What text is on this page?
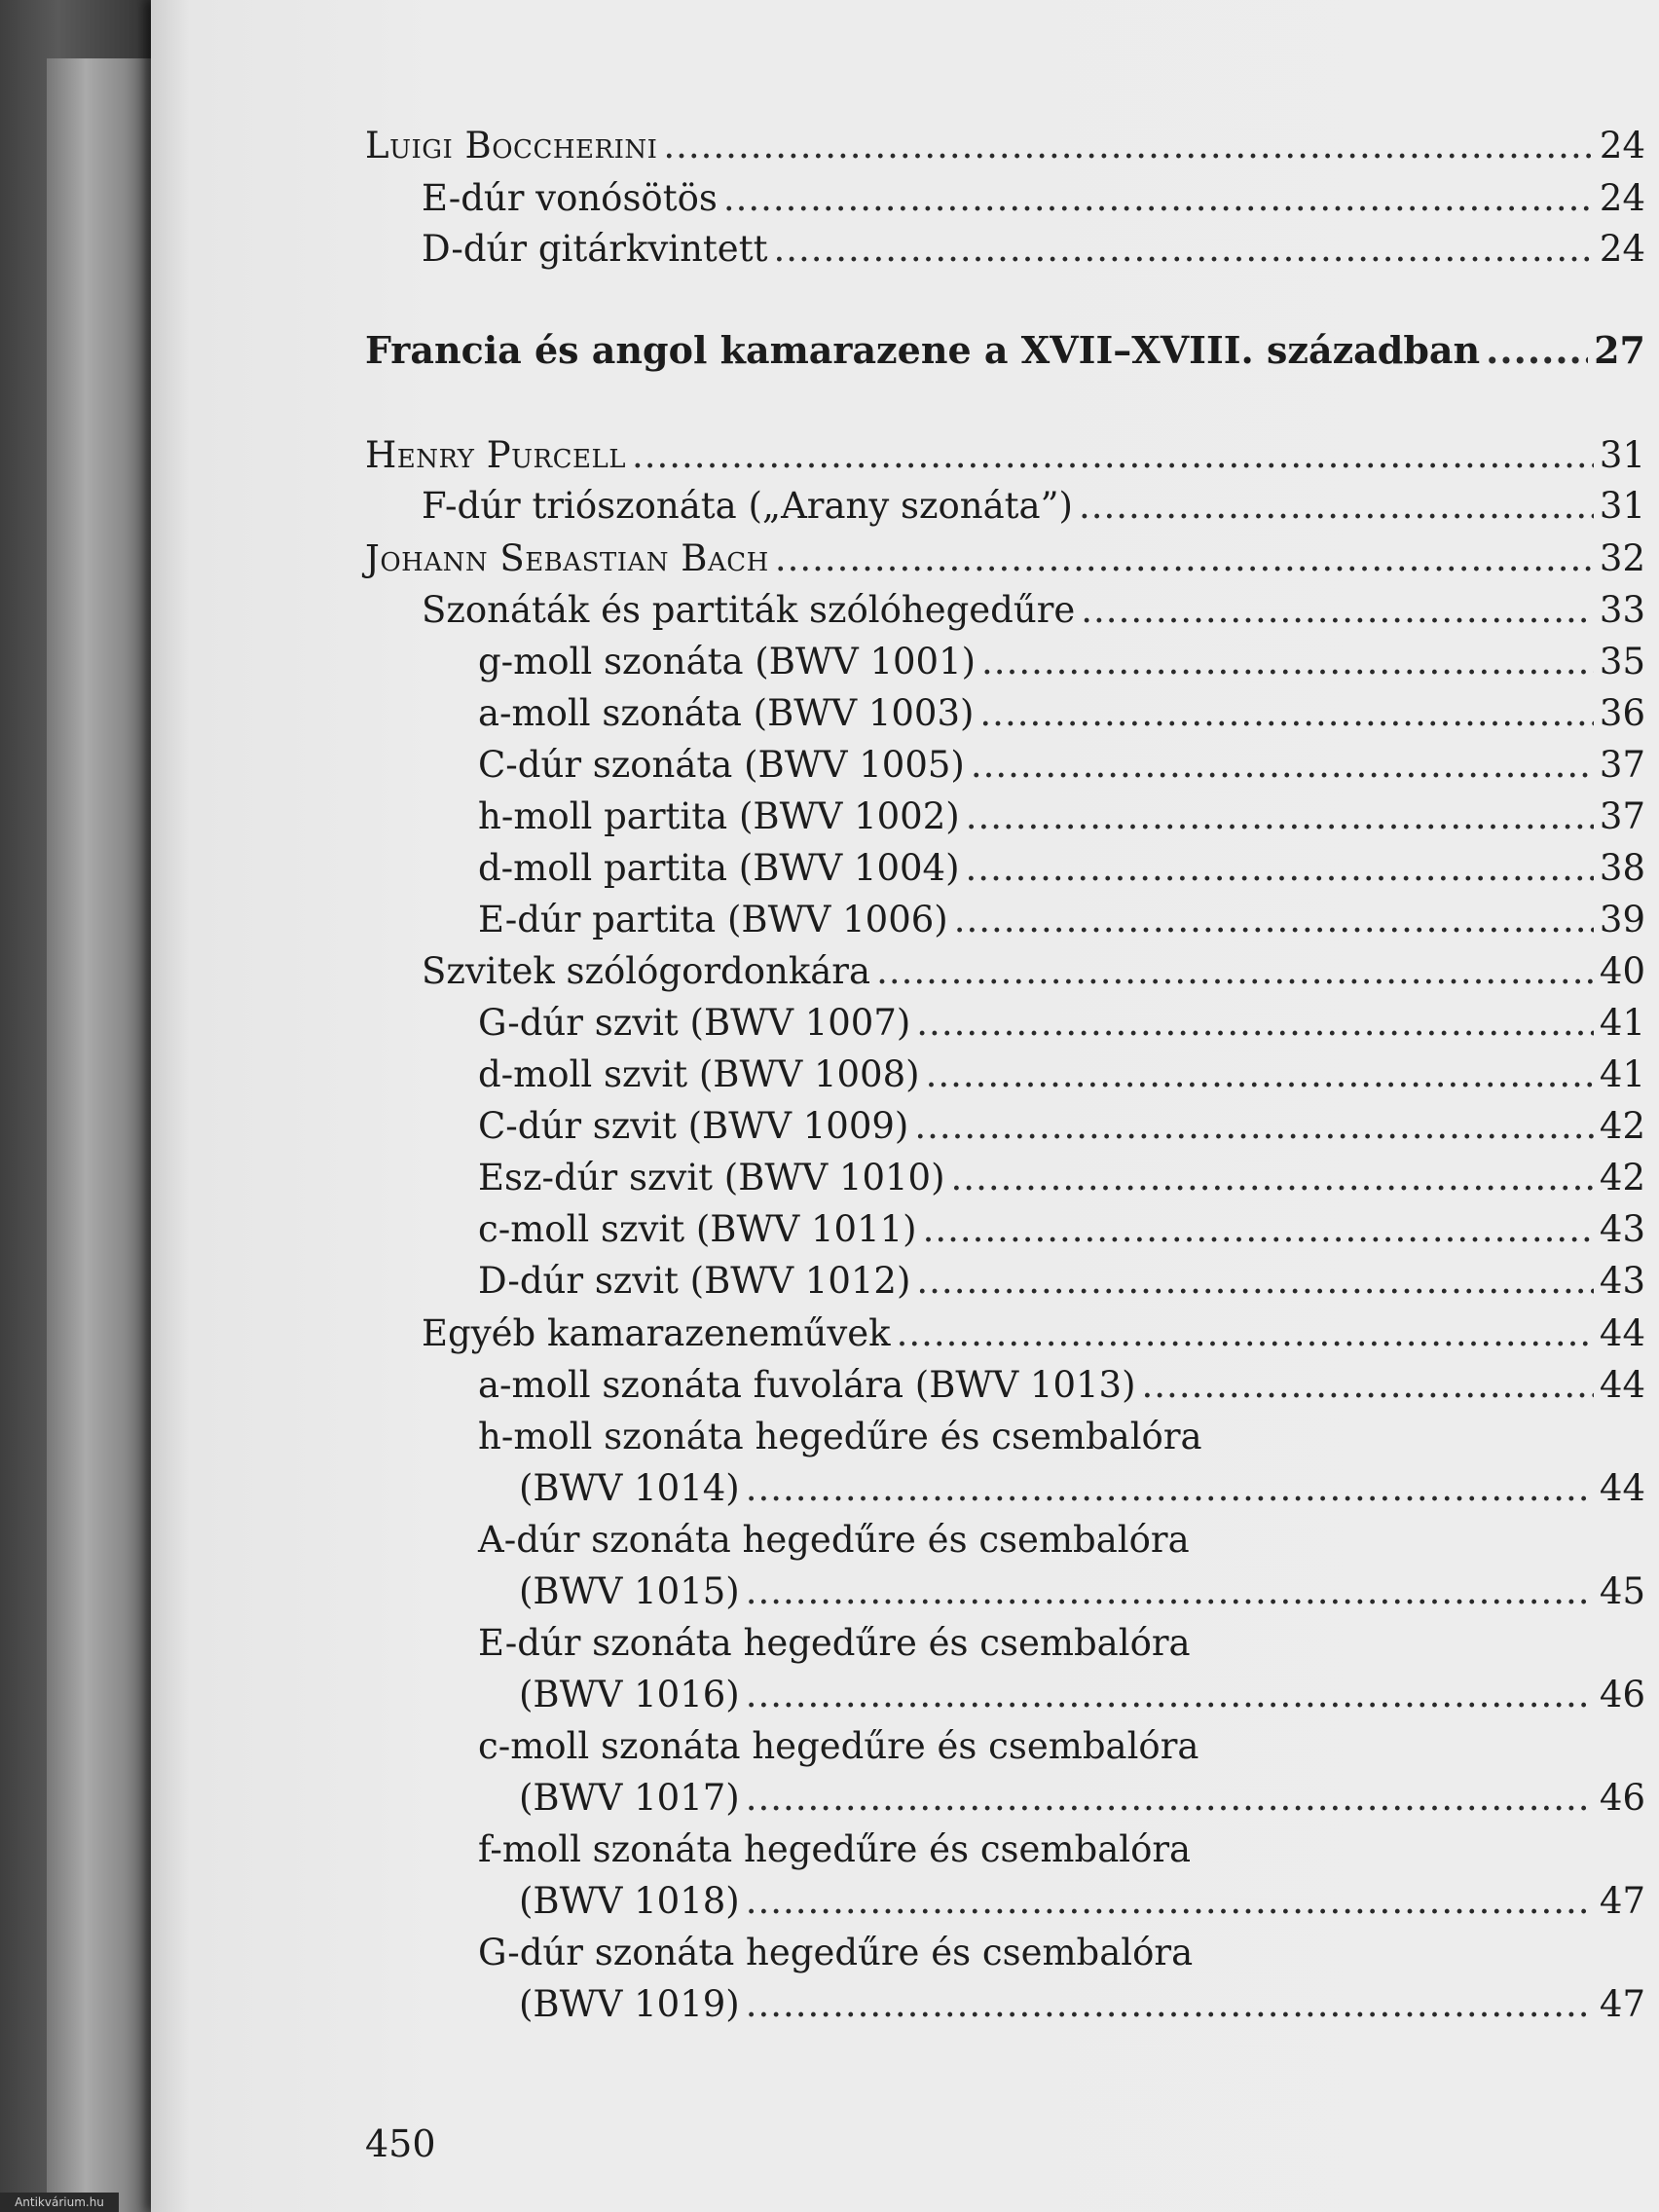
Luigi Boccherini .....	24
E-dúr vonósötös .....	24
D-dúr gitárkvintett .....	24
Francia és angol kamarazene a XVII–XVIII. században .....	27
Henry Purcell .....	31
F-dúr triószonáta („Arany szonáta”) .....	31
Johann Sebastian Bach .....	32
Szonáták és partiták szólóhegedűre .....	33
g-moll szonáta (BWV 1001) .....	35
a-moll szonáta (BWV 1003) .....	36
C-dúr szonáta (BWV 1005) .....	37
h-moll partita (BWV 1002) .....	37
d-moll partita (BWV 1004) .....	38
E-dúr partita (BWV 1006) .....	39
Szvitek szólógordonkára .....	40
G-dúr szvit (BWV 1007) .....	41
d-moll szvit (BWV 1008) .....	41
C-dúr szvit (BWV 1009) .....	42
Esz-dúr szvit (BWV 1010) .....	42
c-moll szvit (BWV 1011) .....	43
D-dúr szvit (BWV 1012) .....	43
Egyéb kamarazeneművek .....	44
a-moll szonáta fuvolára (BWV 1013) .....	44
h-moll szonáta hegedűre és csembalóra
(BWV 1014) .....	44
A-dúr szonáta hegedűre és csembalóra
(BWV 1015) .....	45
E-dúr szonáta hegedűre és csembalóra
(BWV 1016) .....	46
c-moll szonáta hegedűre és csembalóra
(BWV 1017) .....	46
f-moll szonáta hegedűre és csembalóra
(BWV 1018) .....	47
G-dúr szonáta hegedűre és csembalóra
(BWV 1019) .....	47
450
Antikvárium.hu
